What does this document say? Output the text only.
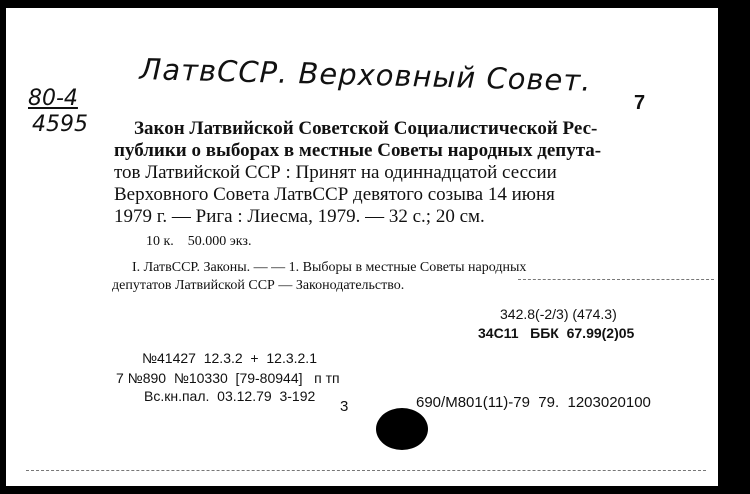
ЛатвССР. Верховный Совет.
80-4
4595
7
Закон Латвийской Советской Социалистической Рес-
публики о выборах в местные Советы народных депута-
тов Латвийской ССР : Принят на одиннадцатой сессии
Верховного Совета ЛатвССР девятого созыва 14 июня
1979 г. — Рига : Лиесма, 1979. — 32 с.; 20 см.
10 к.    50.000 экз.
I. ЛатвССР. Законы. — — 1. Выборы в местные Советы народных
депутатов Латвийской ССР — Законодательство.
342.8(-2/3) (474.3)
34С11   ББК  67.99(2)05
№41427  12.3.2  +  12.3.2.1
7 №890  №10330  [79-80944]   п тп
Вс.кн.пал.  03.12.79  3-192
3	690/М801(11)-79  79.  1203020100
